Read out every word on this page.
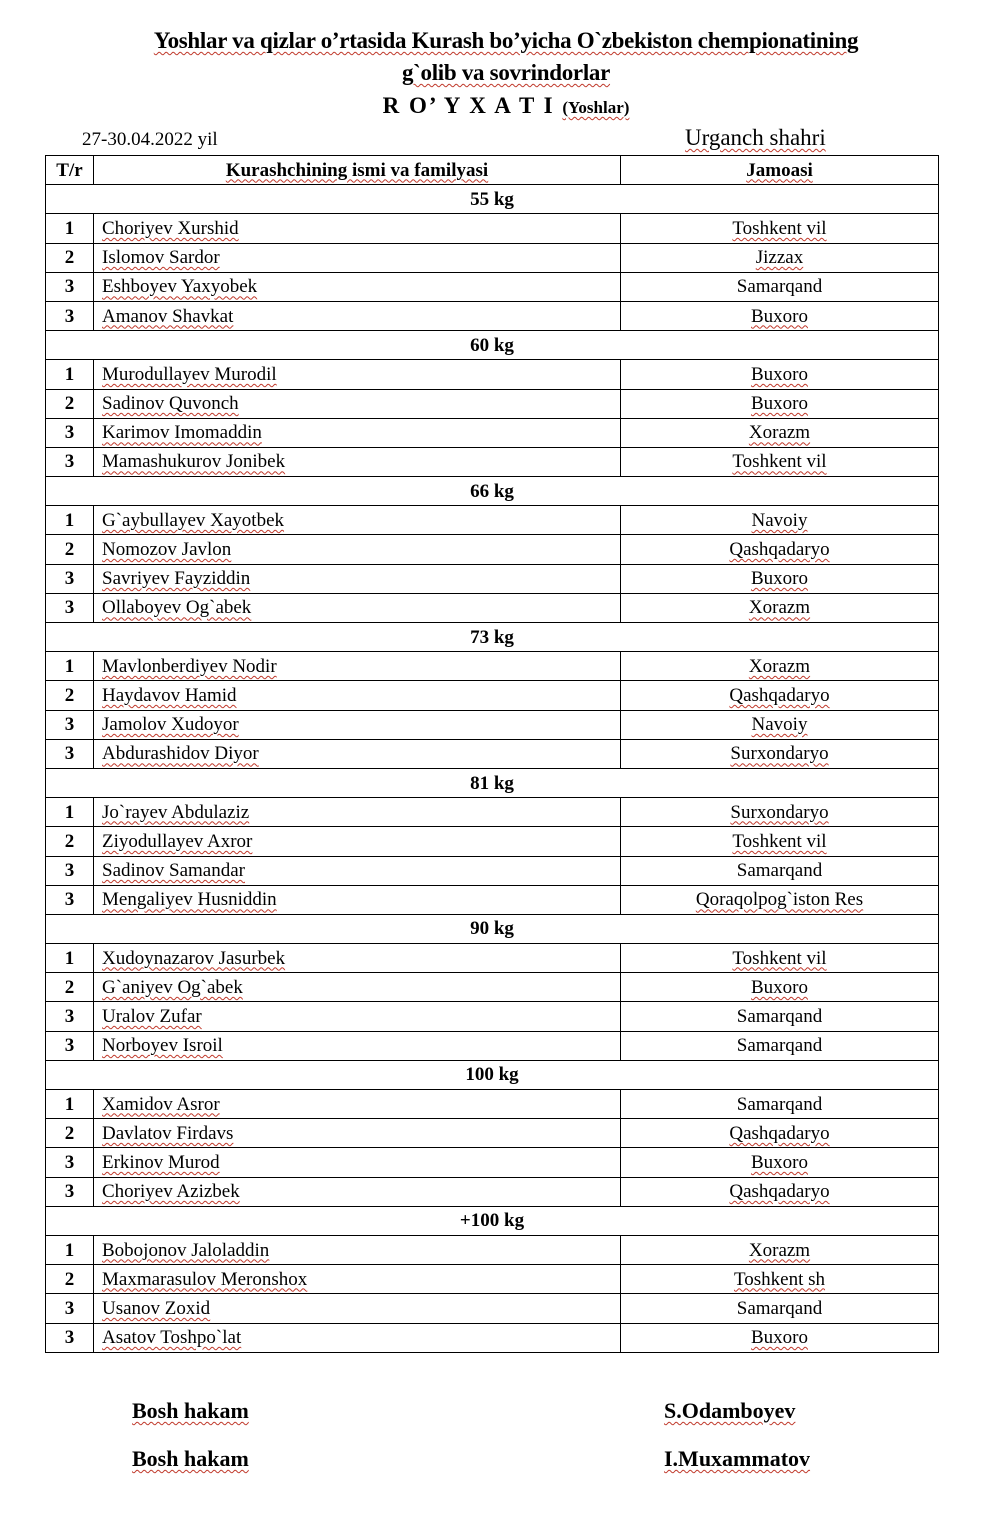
Yoshlar va qizlar o’rtasida Kurash bo’yicha O`zbekiston chempionatining
g`olib va sovrindorlar
R O’ Y X A T I (Yoshlar)
27-30.04.2022 yil	Urganch shahri
T/r	Kurashchining ismi va familyasi	Jamoasi
55 kg		
1	Choriyev Xurshid	Toshkent vil
2	Islomov Sardor	Jizzax
3	Eshboyev Yaxyobek	Samarqand
3	Amanov Shavkat	Buxoro
60 kg		
1	Murodullayev Murodil	Buxoro
2	Sadinov Quvonch	Buxoro
3	Karimov Imomaddin	Xorazm
3	Mamashukurov Jonibek	Toshkent vil
66 kg		
1	G`aybullayev Xayotbek	Navoiy
2	Nomozov Javlon	Qashqadaryo
3	Savriyev Fayziddin	Buxoro
3	Ollaboyev Og`abek	Xorazm
73 kg		
1	Mavlonberdiyev Nodir	Xorazm
2	Haydavov Hamid	Qashqadaryo
3	Jamolov Xudoyor	Navoiy
3	Abdurashidov Diyor	Surxondaryo
81 kg		
1	Jo`rayev Abdulaziz	Surxondaryo
2	Ziyodullayev Axror	Toshkent vil
3	Sadinov Samandar	Samarqand
3	Mengaliyev Husniddin	Qoraqolpog`iston Res
90 kg		
1	Xudoynazarov Jasurbek	Toshkent vil
2	G`aniyev Og`abek	Buxoro
3	Uralov Zufar	Samarqand
3	Norboyev Isroil	Samarqand
100 kg		
1	Xamidov Asror	Samarqand
2	Davlatov Firdavs	Qashqadaryo
3	Erkinov Murod	Buxoro
3	Choriyev Azizbek	Qashqadaryo
+100 kg		
1	Bobojonov Jaloladdin	Xorazm
2	Maxmarasulov Meronshox	Toshkent sh
3	Usanov Zoxid	Samarqand
3	Asatov Toshpo`lat	Buxoro
Bosh hakam	S.Odamboyev
Bosh hakam	I.Muxammatov
